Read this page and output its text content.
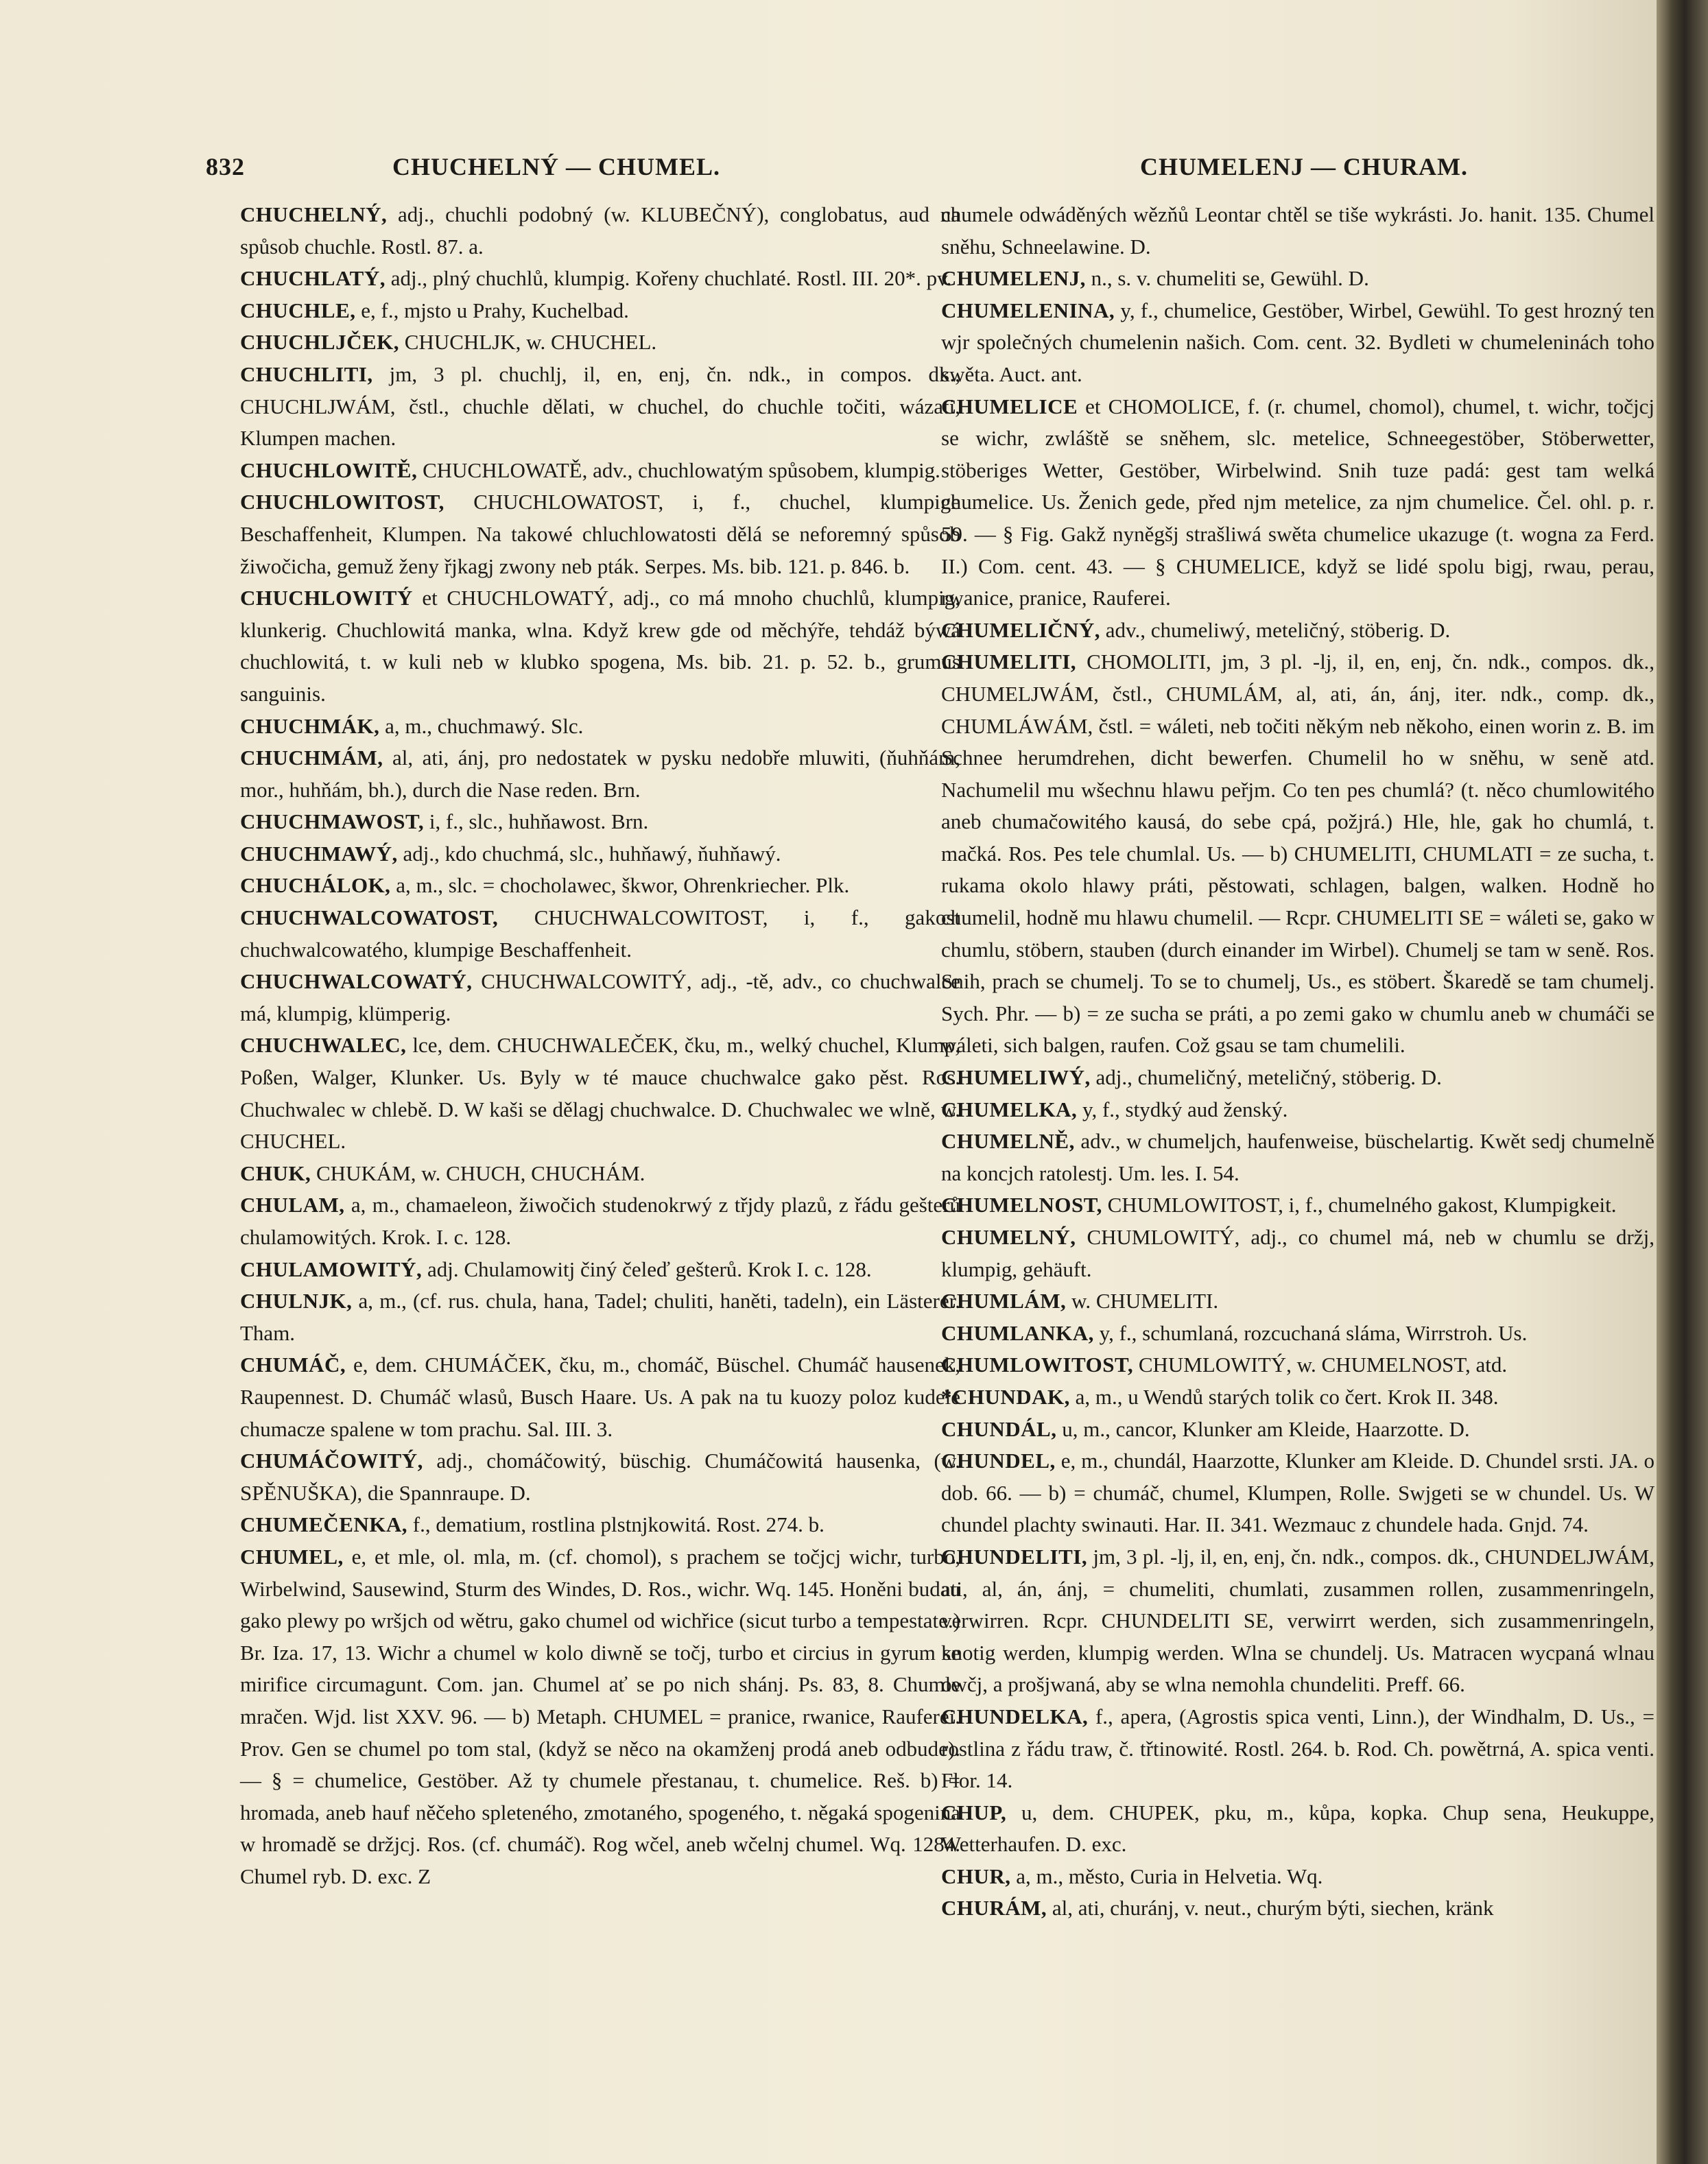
832	CHUCHELNÝ — CHUMEL.	CHUMELENJ — CHURAM.

CHUCHELNÝ, adj., chuchli podobný (w. KLUBEČNÝ), conglobatus, aud na spůsob chuchle. Rostl. 87. a.

CHUCHLATÝ, adj., plný chuchlů, klumpig. Kořeny chuchlaté. Rostl. III. 20*. pv.

CHUCHLE, e, f., mjsto u Prahy, Kuchelbad.

CHUCHLJČEK, CHUCHLJK, w. CHUCHEL.

CHUCHLITI, jm, 3 pl. chuchlj, il, en, enj, čn. ndk., in compos. dk., CHUCHLJWÁM, čstl., chuchle dělati, w chuchel, do chuchle točiti, wázati, Klumpen machen.

CHUCHLOWITĚ, CHUCHLOWATĚ, adv., chuchlowatým spůsobem, klumpig.

CHUCHLOWITOST, CHUCHLOWATOST, i, f., chuchel, klumpige Beschaffenheit, Klumpen. Na takowé chluchlowatosti dělá se neforemný spůsob žiwočicha, gemuž ženy řjkagj zwony neb pták. Serpes. Ms. bib. 121. p. 846. b.

CHUCHLOWITÝ et CHUCHLOWATÝ, adj., co má mnoho chuchlů, klumpig, klunkerig. Chuchlowitá manka, wlna. Když krew gde od měchýře, tehdáž býwá chuchlowitá, t. w kuli neb w klubko spogena, Ms. bib. 21. p. 52. b., grumus sanguinis.

CHUCHMÁK, a, m., chuchmawý. Slc.

CHUCHMÁM, al, ati, ánj, pro nedostatek w pysku nedobře mluwiti, (ňuhňám, mor., huhňám, bh.), durch die Nase reden. Brn.

CHUCHMAWOST, i, f., slc., huhňawost. Brn.

CHUCHMAWÝ, adj., kdo chuchmá, slc., huhňawý, ňuhňawý.

CHUCHÁLOK, a, m., slc. = chocholawec, škwor, Ohrenkriecher. Plk.

CHUCHWALCOWATOST, CHUCHWALCOWITOST, i, f., gakost chuchwalcowatého, klumpige Beschaffenheit.

CHUCHWALCOWATÝ, CHUCHWALCOWITÝ, adj., -tě, adv., co chuchwalce má, klumpig, klümperig.

CHUCHWALEC, lce, dem. CHUCHWALEČEK, čku, m., welký chuchel, Klump, Poßen, Walger, Klunker. Us. Byly w té mauce chuchwalce gako pěst. Ros. Chuchwalec w chlebě. D. W kaši se dělagj chuchwalce. D. Chuchwalec we wlně, w. CHUCHEL.

CHUK, CHUKÁM, w. CHUCH, CHUCHÁM.

CHULAM, a, m., chamaeleon, žiwočich studenokrwý z třjdy plazů, z řádu gešterů chulamowitých. Krok. I. c. 128.

CHULAMOWITÝ, adj. Chulamowitj činý čeleď gešterů. Krok I. c. 128.

CHULNJK, a, m., (cf. rus. chula, hana, Tadel; chuliti, haněti, tadeln), ein Lästerer. Tham.

CHUMÁČ, e, dem. CHUMÁČEK, čku, m., chomáč, Büschel. Chumáč hausenek, Raupennest. D. Chumáč wlasů, Busch Haare. Us. A pak na tu kuozy poloz kudele chumacze spalene w tom prachu. Sal. III. 3.

CHUMÁČOWITÝ, adj., chomáčowitý, büschig. Chumáčowitá hausenka, (w. SPĚNUŠKA), die Spannraupe. D.

CHUMEČENKA, f., dematium, rostlina plstnjkowitá. Rost. 274. b.

CHUMEL, e, et mle, ol. mla, m. (cf. chomol), s prachem se točjcj wichr, turbo, Wirbelwind, Sausewind, Sturm des Windes, D. Ros., wichr. Wq. 145. Honěni budau gako plewy po wršjch od wětru, gako chumel od wichřice (sicut turbo a tempestate.) Br. Iza. 17, 13. Wichr a chumel w kolo diwně se točj, turbo et circius in gyrum se mirifice circumagunt. Com. jan. Chumel ať se po nich shánj. Ps. 83, 8. Chumle mračen. Wjd. list XXV. 96. — b) Metaph. CHUMEL = pranice, rwanice, Rauferei. Prov. Gen se chumel po tom stal, (když se něco na okamženj prodá aneb odbude). — § = chumelice, Gestöber. Až ty chumele přestanau, t. chumelice. Reš. b) = hromada, aneb hauf něčeho spleteného, zmotaného, spogeného, t. něgaká spogenina w hromadě se držjcj. Ros. (cf. chumáč). Rog wčel, aneb wčelnj chumel. Wq. 1284. Chumel ryb. D. exc. Z

chumele odwáděných wězňů Leontar chtěl se tiše wykrásti. Jo. hanit. 135. Chumel sněhu, Schneelawine. D.

CHUMELENJ, n., s. v. chumeliti se, Gewühl. D.

CHUMELENINA, y, f., chumelice, Gestöber, Wirbel, Gewühl. To gest hrozný ten wjr společných chumelenin našich. Com. cent. 32. Bydleti w chumeleninách toho swěta. Auct. ant.

CHUMELICE et CHOMOLICE, f. (r. chumel, chomol), chumel, t. wichr, točjcj se wichr, zwláště se sněhem, slc. metelice, Schneegestöber, Stöberwetter, stöberiges Wetter, Gestöber, Wirbelwind. Snih tuze padá: gest tam welká chumelice. Us. Ženich gede, před njm metelice, za njm chumelice. Čel. ohl. p. r. 59. — § Fig. Gakž nyněgšj strašliwá swěta chumelice ukazuge (t. wogna za Ferd. II.) Com. cent. 43. — § CHUMELICE, když se lidé spolu bigj, rwau, perau, rwanice, pranice, Rauferei.

CHUMELIČNÝ, adv., chumeliwý, meteličný, stöberig. D.

CHUMELITI, CHOMOLITI, jm, 3 pl. -lj, il, en, enj, čn. ndk., compos. dk., CHUMELJWÁM, čstl., CHUMLÁM, al, ati, án, ánj, iter. ndk., comp. dk., CHUMLÁWÁM, čstl. = wáleti, neb točiti někým neb někoho, einen worin z. B. im Schnee herumdrehen, dicht bewerfen. Chumelil ho w sněhu, w seně atd. Nachumelil mu wšechnu hlawu peřjm. Co ten pes chumlá? (t. něco chumlowitého aneb chumačowitého kausá, do sebe cpá, požjrá.) Hle, hle, gak ho chumlá, t. mačká. Ros. Pes tele chumlal. Us. — b) CHUMELITI, CHUMLATI = ze sucha, t. rukama okolo hlawy práti, pěstowati, schlagen, balgen, walken. Hodně ho chumelil, hodně mu hlawu chumelil. — Rcpr. CHUMELITI SE = wáleti se, gako w chumlu, stöbern, stauben (durch einander im Wirbel). Chumelj se tam w seně. Ros. Snih, prach se chumelj. To se to chumelj, Us., es stöbert. Škaredě se tam chumelj. Sych. Phr. — b) = ze sucha se práti, a po zemi gako w chumlu aneb w chumáči se wáleti, sich balgen, raufen. Což gsau se tam chumelili.

CHUMELIWÝ, adj., chumeličný, meteličný, stöberig. D.

CHUMELKA, y, f., stydký aud ženský.

CHUMELNĚ, adv., w chumeljch, haufenweise, büschelartig. Kwět sedj chumelně na koncjch ratolestj. Um. les. I. 54.

CHUMELNOST, CHUMLOWITOST, i, f., chumelného gakost, Klumpigkeit.

CHUMELNÝ, CHUMLOWITÝ, adj., co chumel má, neb w chumlu se držj, klumpig, gehäuft.

CHUMLÁM, w. CHUMELITI.

CHUMLANKA, y, f., schumlaná, rozcuchaná sláma, Wirrstroh. Us.

CHUMLOWITOST, CHUMLOWITÝ, w. CHUMELNOST, atd.

*CHUNDAK, a, m., u Wendů starých tolik co čert. Krok II. 348.

CHUNDÁL, u, m., cancor, Klunker am Kleide, Haarzotte. D.

CHUNDEL, e, m., chundál, Haarzotte, Klunker am Kleide. D. Chundel srsti. JA. o dob. 66. — b) = chumáč, chumel, Klumpen, Rolle. Swjgeti se w chundel. Us. W chundel plachty swinauti. Har. II. 341. Wezmauc z chundele hada. Gnjd. 74.

CHUNDELITI, jm, 3 pl. -lj, il, en, enj, čn. ndk., compos. dk., CHUNDELJWÁM, ati, al, án, ánj, = chumeliti, chumlati, zusammen rollen, zusammenringeln, verwirren. Rcpr. CHUNDELITI SE, verwirrt werden, sich zusammenringeln, knotig werden, klumpig werden. Wlna se chundelj. Us. Matracen wycpaná wlnau owčj, a prošjwaná, aby se wlna nemohla chundeliti. Preff. 66.

CHUNDELKA, f., apera, (Agrostis spica venti, Linn.), der Windhalm, D. Us., = rostlina z řádu traw, č. třtinowité. Rostl. 264. b. Rod. Ch. powětrná, A. spica venti. Flor. 14.

CHUP, u, dem. CHUPEK, pku, m., kůpa, kopka. Chup sena, Heukuppe, Wetterhaufen. D. exc.

CHUR, a, m., město, Curia in Helvetia. Wq.

CHURÁM, al, ati, churánj, v. neut., churým býti, siechen, kränk
